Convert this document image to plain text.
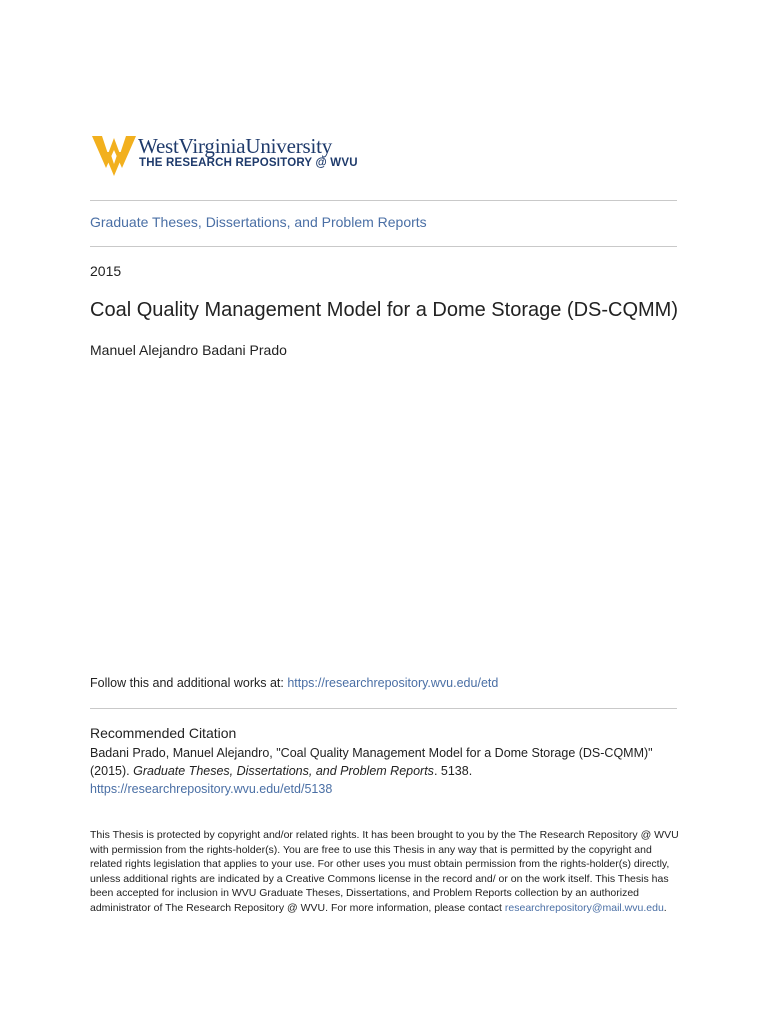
WestVirginiaUniversity
THE RESEARCH REPOSITORY @ WVU
Graduate Theses, Dissertations, and Problem Reports
2015
Coal Quality Management Model for a Dome Storage (DS-CQMM)
Manuel Alejandro Badani Prado
Follow this and additional works at: https://researchrepository.wvu.edu/etd
Recommended Citation
Badani Prado, Manuel Alejandro, "Coal Quality Management Model for a Dome Storage (DS-CQMM)" (2015). Graduate Theses, Dissertations, and Problem Reports. 5138.
https://researchrepository.wvu.edu/etd/5138
This Thesis is protected by copyright and/or related rights. It has been brought to you by the The Research Repository @ WVU with permission from the rights-holder(s). You are free to use this Thesis in any way that is permitted by the copyright and related rights legislation that applies to your use. For other uses you must obtain permission from the rights-holder(s) directly, unless additional rights are indicated by a Creative Commons license in the record and/ or on the work itself. This Thesis has been accepted for inclusion in WVU Graduate Theses, Dissertations, and Problem Reports collection by an authorized administrator of The Research Repository @ WVU. For more information, please contact researchrepository@mail.wvu.edu.
